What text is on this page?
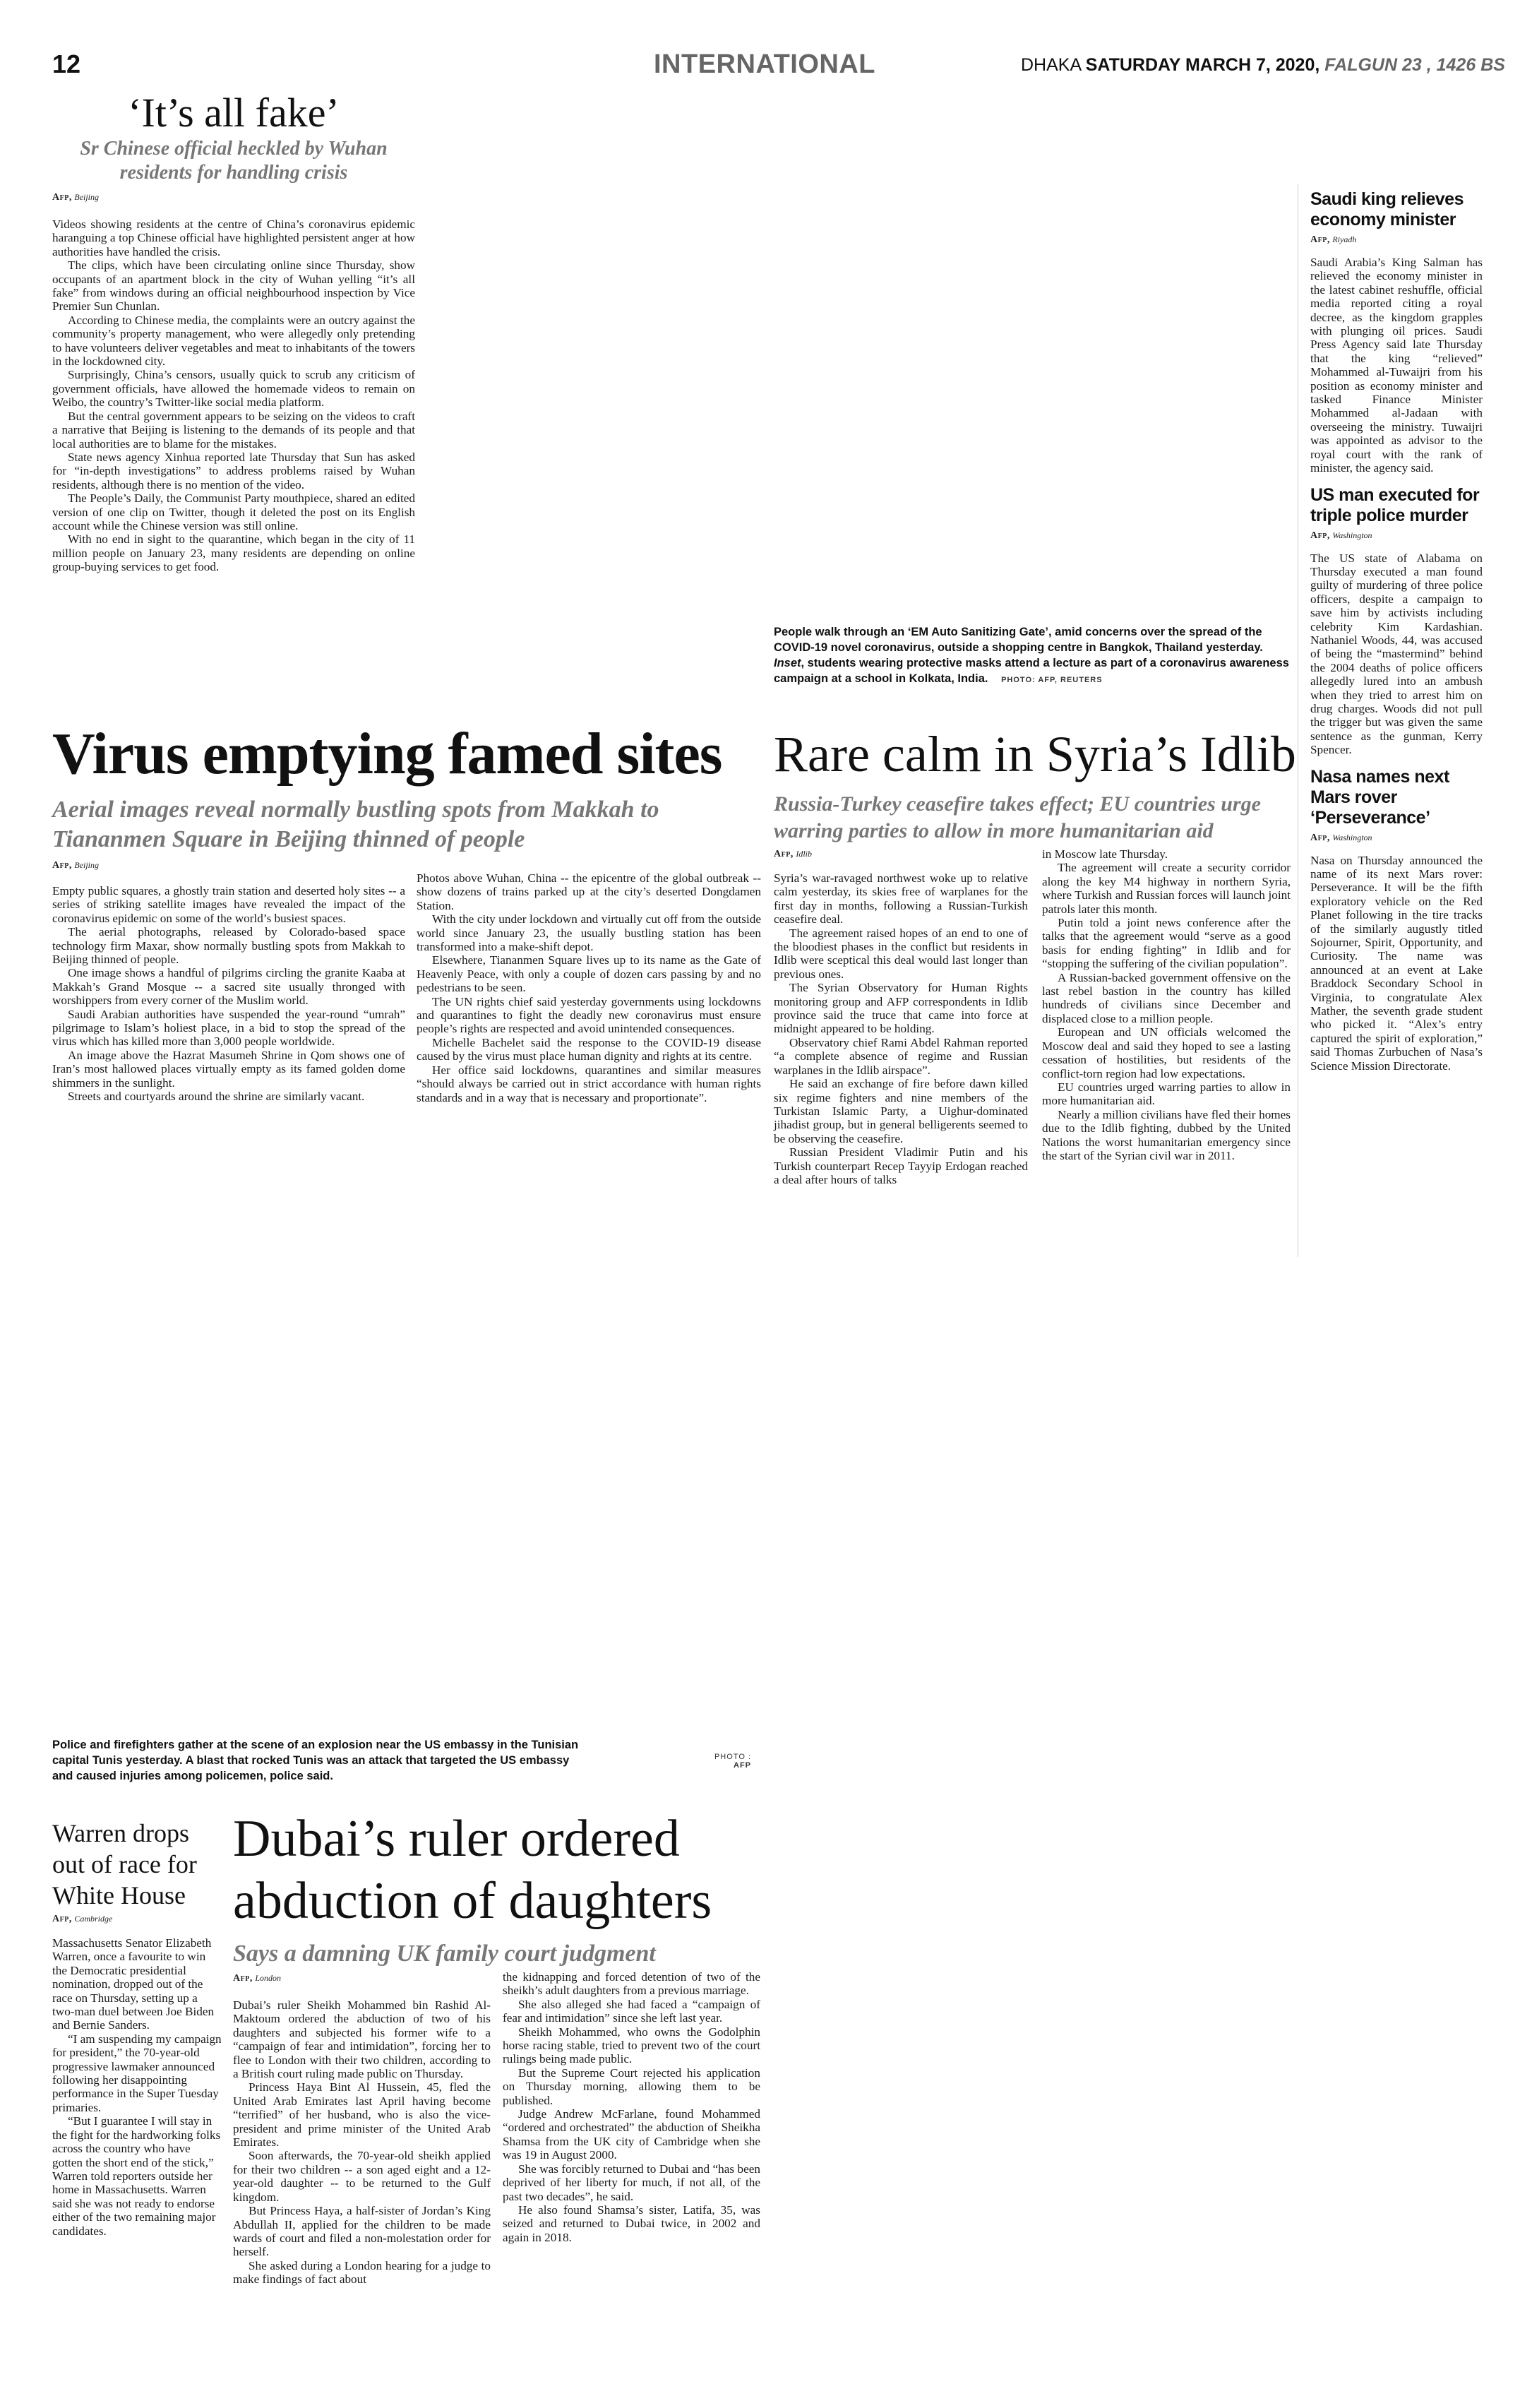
12	INTERNATIONAL	DHAKA SATURDAY MARCH 7, 2020, FALGUN 23 , 1426 BS
‘It’s all fake’
Sr Chinese official heckled by Wuhan residents for handling crisis
Afp, Beijing

Videos showing residents at the centre of China’s coronavirus epidemic haranguing a top Chinese official have highlighted persistent anger at how authorities have handled the crisis.

The clips, which have been circulating online since Thursday, show occupants of an apartment block in the city of Wuhan yelling “it’s all fake” from windows during an official neighbourhood inspection by Vice Premier Sun Chunlan.

According to Chinese media, the complaints were an outcry against the community’s property management, who were allegedly only pretending to have volunteers deliver vegetables and meat to inhabitants of the towers in the lockdowned city.

Surprisingly, China’s censors, usually quick to scrub any criticism of government officials, have allowed the homemade videos to remain on Weibo, the country’s Twitter-like social media platform.

But the central government appears to be seizing on the videos to craft a narrative that Beijing is listening to the demands of its people and that local authorities are to blame for the mistakes.

State news agency Xinhua reported late Thursday that Sun has asked for “in-depth investigations” to address problems raised by Wuhan residents, although there is no mention of the video.

The People’s Daily, the Communist Party mouthpiece, shared an edited version of one clip on Twitter, though it deleted the post on its English account while the Chinese version was still online.

With no end in sight to the quarantine, which began in the city of 11 million people on January 23, many residents are depending on online group-buying services to get food.

People walk through an ‘EM Auto Sanitizing Gate’, amid concerns over the spread of the COVID-19 novel coronavirus, outside a shopping centre in Bangkok, Thailand yesterday. Inset, students wearing protective masks attend a lecture as part of a coronavirus awareness campaign at a school in Kolkata, India. PHOTO: AFP, REUTERS
Saudi king relieves economy minister
Afp, Riyadh
Saudi Arabia’s King Salman has relieved the economy minister in the latest cabinet reshuffle, official media reported citing a royal decree, as the kingdom grapples with plunging oil prices. Saudi Press Agency said late Thursday that the king “relieved” Mohammed al-Tuwaijri from his position as economy minister and tasked Finance Minister Mohammed al-Jadaan with overseeing the ministry. Tuwaijri was appointed as advisor to the royal court with the rank of minister, the agency said.
US man executed for triple police murder
Afp, Washington
The US state of Alabama on Thursday executed a man found guilty of murdering of three police officers, despite a campaign to save him by activists including celebrity Kim Kardashian. Nathaniel Woods, 44, was accused of being the “mastermind” behind the 2004 deaths of police officers allegedly lured into an ambush when they tried to arrest him on drug charges. Woods did not pull the trigger but was given the same sentence as the gunman, Kerry Spencer.
Nasa names next Mars rover ‘Perseverance’
Afp, Washington
Nasa on Thursday announced the name of its next Mars rover: Perseverance. It will be the fifth exploratory vehicle on the Red Planet following in the tire tracks of the similarly augustly titled Sojourner, Spirit, Opportunity, and Curiosity. The name was announced at an event at Lake Braddock Secondary School in Virginia, to congratulate Alex Mather, the seventh grade student who picked it. “Alex’s entry captured the spirit of exploration,” said Thomas Zurbuchen of Nasa’s Science Mission Directorate.
Virus emptying famed sites
Aerial images reveal normally bustling spots from Makkah to Tiananmen Square in Beijing thinned of people
Afp, Beijing

Empty public squares, a ghostly train station and deserted holy sites -- a series of striking satellite images have revealed the impact of the coronavirus epidemic on some of the world’s busiest spaces.

The aerial photographs, released by Colorado-based space technology firm Maxar, show normally bustling spots from Makkah to Beijing thinned of people.

One image shows a handful of pilgrims circling the granite Kaaba at Makkah’s Grand Mosque -- a sacred site usually thronged with worshippers from every corner of the Muslim world.

Saudi Arabian authorities have suspended the year-round “umrah” pilgrimage to Islam’s holiest place, in a bid to stop the spread of the virus which has killed more than 3,000 people worldwide.

An image above the Hazrat Masumeh Shrine in Qom shows one of Iran’s most hallowed places virtually empty as its famed golden dome shimmers in the sunlight.

Streets and courtyards around the shrine are similarly vacant.

Photos above Wuhan, China -- the epicentre of the global outbreak -- show dozens of trains parked up at the city’s deserted Dongdamen Station.

With the city under lockdown and virtually cut off from the outside world since January 23, the usually bustling station has been transformed into a make-shift depot.

Elsewhere, Tiananmen Square lives up to its name as the Gate of Heavenly Peace, with only a couple of dozen cars passing by and no pedestrians to be seen.

The UN rights chief said yesterday governments using lockdowns and quarantines to fight the deadly new coronavirus must ensure people’s rights are respected and avoid unintended consequences.

Michelle Bachelet said the response to the COVID-19 disease caused by the virus must place human dignity and rights at its centre.

Her office said lockdowns, quarantines and similar measures “should always be carried out in strict accordance with human rights standards and in a way that is necessary and proportionate”.

Rare calm in Syria’s Idlib
Russia-Turkey ceasefire takes effect; EU countries urge warring parties to allow in more humanitarian aid
Afp, Idlib

Syria’s war-ravaged northwest woke up to relative calm yesterday, its skies free of warplanes for the first day in months, following a Russian-Turkish ceasefire deal.

The agreement raised hopes of an end to one of the bloodiest phases in the conflict but residents in Idlib were sceptical this deal would last longer than previous ones.

The Syrian Observatory for Human Rights monitoring group and AFP correspondents in Idlib province said the truce that came into force at midnight appeared to be holding.

Observatory chief Rami Abdel Rahman reported “a complete absence of regime and Russian warplanes in the Idlib airspace”.

He said an exchange of fire before dawn killed six regime fighters and nine members of the Turkistan Islamic Party, a Uighur-dominated jihadist group, but in general belligerents seemed to be observing the ceasefire.

Russian President Vladimir Putin and his Turkish counterpart Recep Tayyip Erdogan reached a deal after hours of talks

in Moscow late Thursday.

The agreement will create a security corridor along the key M4 highway in northern Syria, where Turkish and Russian forces will launch joint patrols later this month.

Putin told a joint news conference after the talks that the agreement would “serve as a good basis for ending fighting” in Idlib and for “stopping the suffering of the civilian population”.

A Russian-backed government offensive on the last rebel bastion in the country has killed hundreds of civilians since December and displaced close to a million people.

European and UN officials welcomed the Moscow deal and said they hoped to see a lasting cessation of hostilities, but residents of the conflict-torn region had low expectations.

EU countries urged warring parties to allow in more humanitarian aid.

Nearly a million civilians have fled their homes due to the Idlib fighting, dubbed by the United Nations the worst humanitarian emergency since the start of the Syrian civil war in 2011.

Police and firefighters gather at the scene of an explosion near the US embassy in the Tunisian capital Tunis yesterday. A blast that rocked Tunis was an attack that targeted the US embassy and caused injuries among policemen, police said.
PHOTO :
AFP
Warren drops out of race for White House
Afp, Cambridge

Massachusetts Senator Elizabeth Warren, once a favourite to win the Democratic presidential nomination, dropped out of the race on Thursday, setting up a two-man duel between Joe Biden and Bernie Sanders.

“I am suspending my campaign for president,” the 70-year-old progressive lawmaker announced following her disappointing performance in the Super Tuesday primaries.

“But I guarantee I will stay in the fight for the hardworking folks across the country who have gotten the short end of the stick,” Warren told reporters outside her home in Massachusetts. Warren said she was not ready to endorse either of the two remaining major candidates.

Dubai’s ruler ordered abduction of daughters
Says a damning UK family court judgment
Afp, London

Dubai’s ruler Sheikh Mohammed bin Rashid Al-Maktoum ordered the abduction of two of his daughters and subjected his former wife to a “campaign of fear and intimidation”, forcing her to flee to London with their two children, according to a British court ruling made public on Thursday.

Princess Haya Bint Al Hussein, 45, fled the United Arab Emirates last April having become “terrified” of her husband, who is also the vice-president and prime minister of the United Arab Emirates.

Soon afterwards, the 70-year-old sheikh applied for their two children -- a son aged eight and a 12-year-old daughter -- to be returned to the Gulf kingdom.

But Princess Haya, a half-sister of Jordan’s King Abdullah II, applied for the children to be made wards of court and filed a non-molestation order for herself.

She asked during a London hearing for a judge to make findings of fact about

the kidnapping and forced detention of two of the sheikh’s adult daughters from a previous marriage.

She also alleged she had faced a “campaign of fear and intimidation” since she left last year.

Sheikh Mohammed, who owns the Godolphin horse racing stable, tried to prevent two of the court rulings being made public.

But the Supreme Court rejected his application on Thursday morning, allowing them to be published.

Judge Andrew McFarlane, found Mohammed “ordered and orchestrated” the abduction of Sheikha Shamsa from the UK city of Cambridge when she was 19 in August 2000.

She was forcibly returned to Dubai and “has been deprived of her liberty for much, if not all, of the past two decades”, he said.

He also found Shamsa’s sister, Latifa, 35, was seized and returned to Dubai twice, in 2002 and again in 2018.
